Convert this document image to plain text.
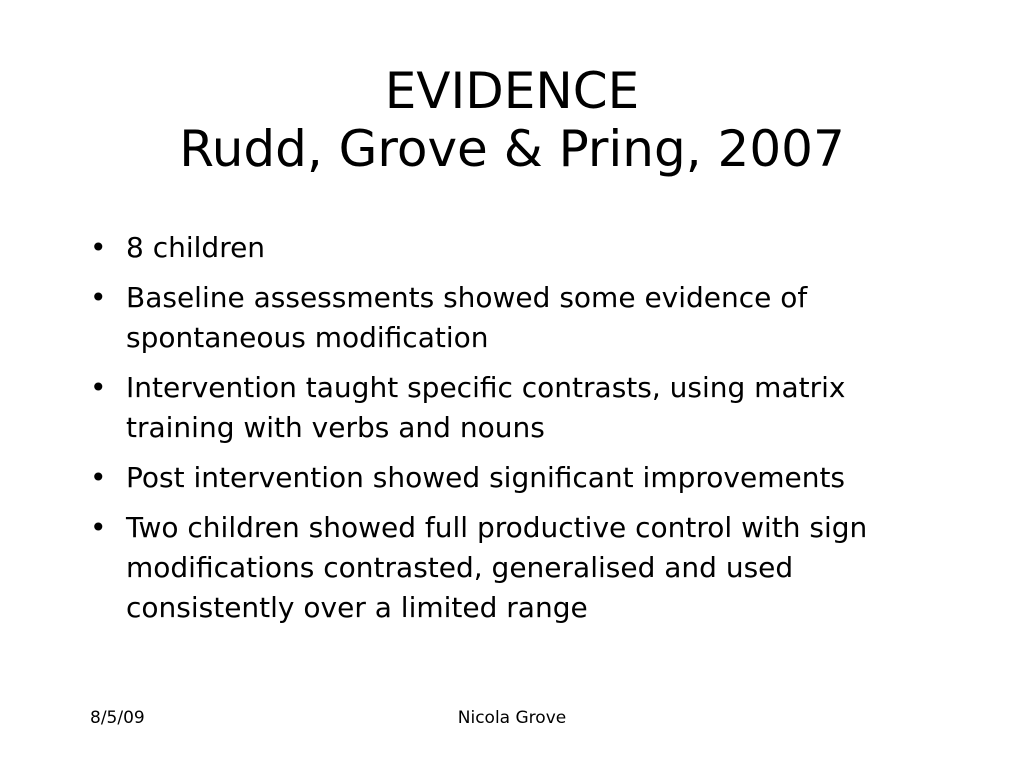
EVIDENCE
Rudd, Grove & Pring, 2007
• 8 children
• Baseline assessments showed some evidence of spontaneous modification
• Intervention taught specific contrasts, using matrix training with verbs and nouns
• Post intervention showed significant improvements
• Two children showed full productive control with sign modifications contrasted, generalised and used consistently over a limited range
8/5/09	Nicola Grove
